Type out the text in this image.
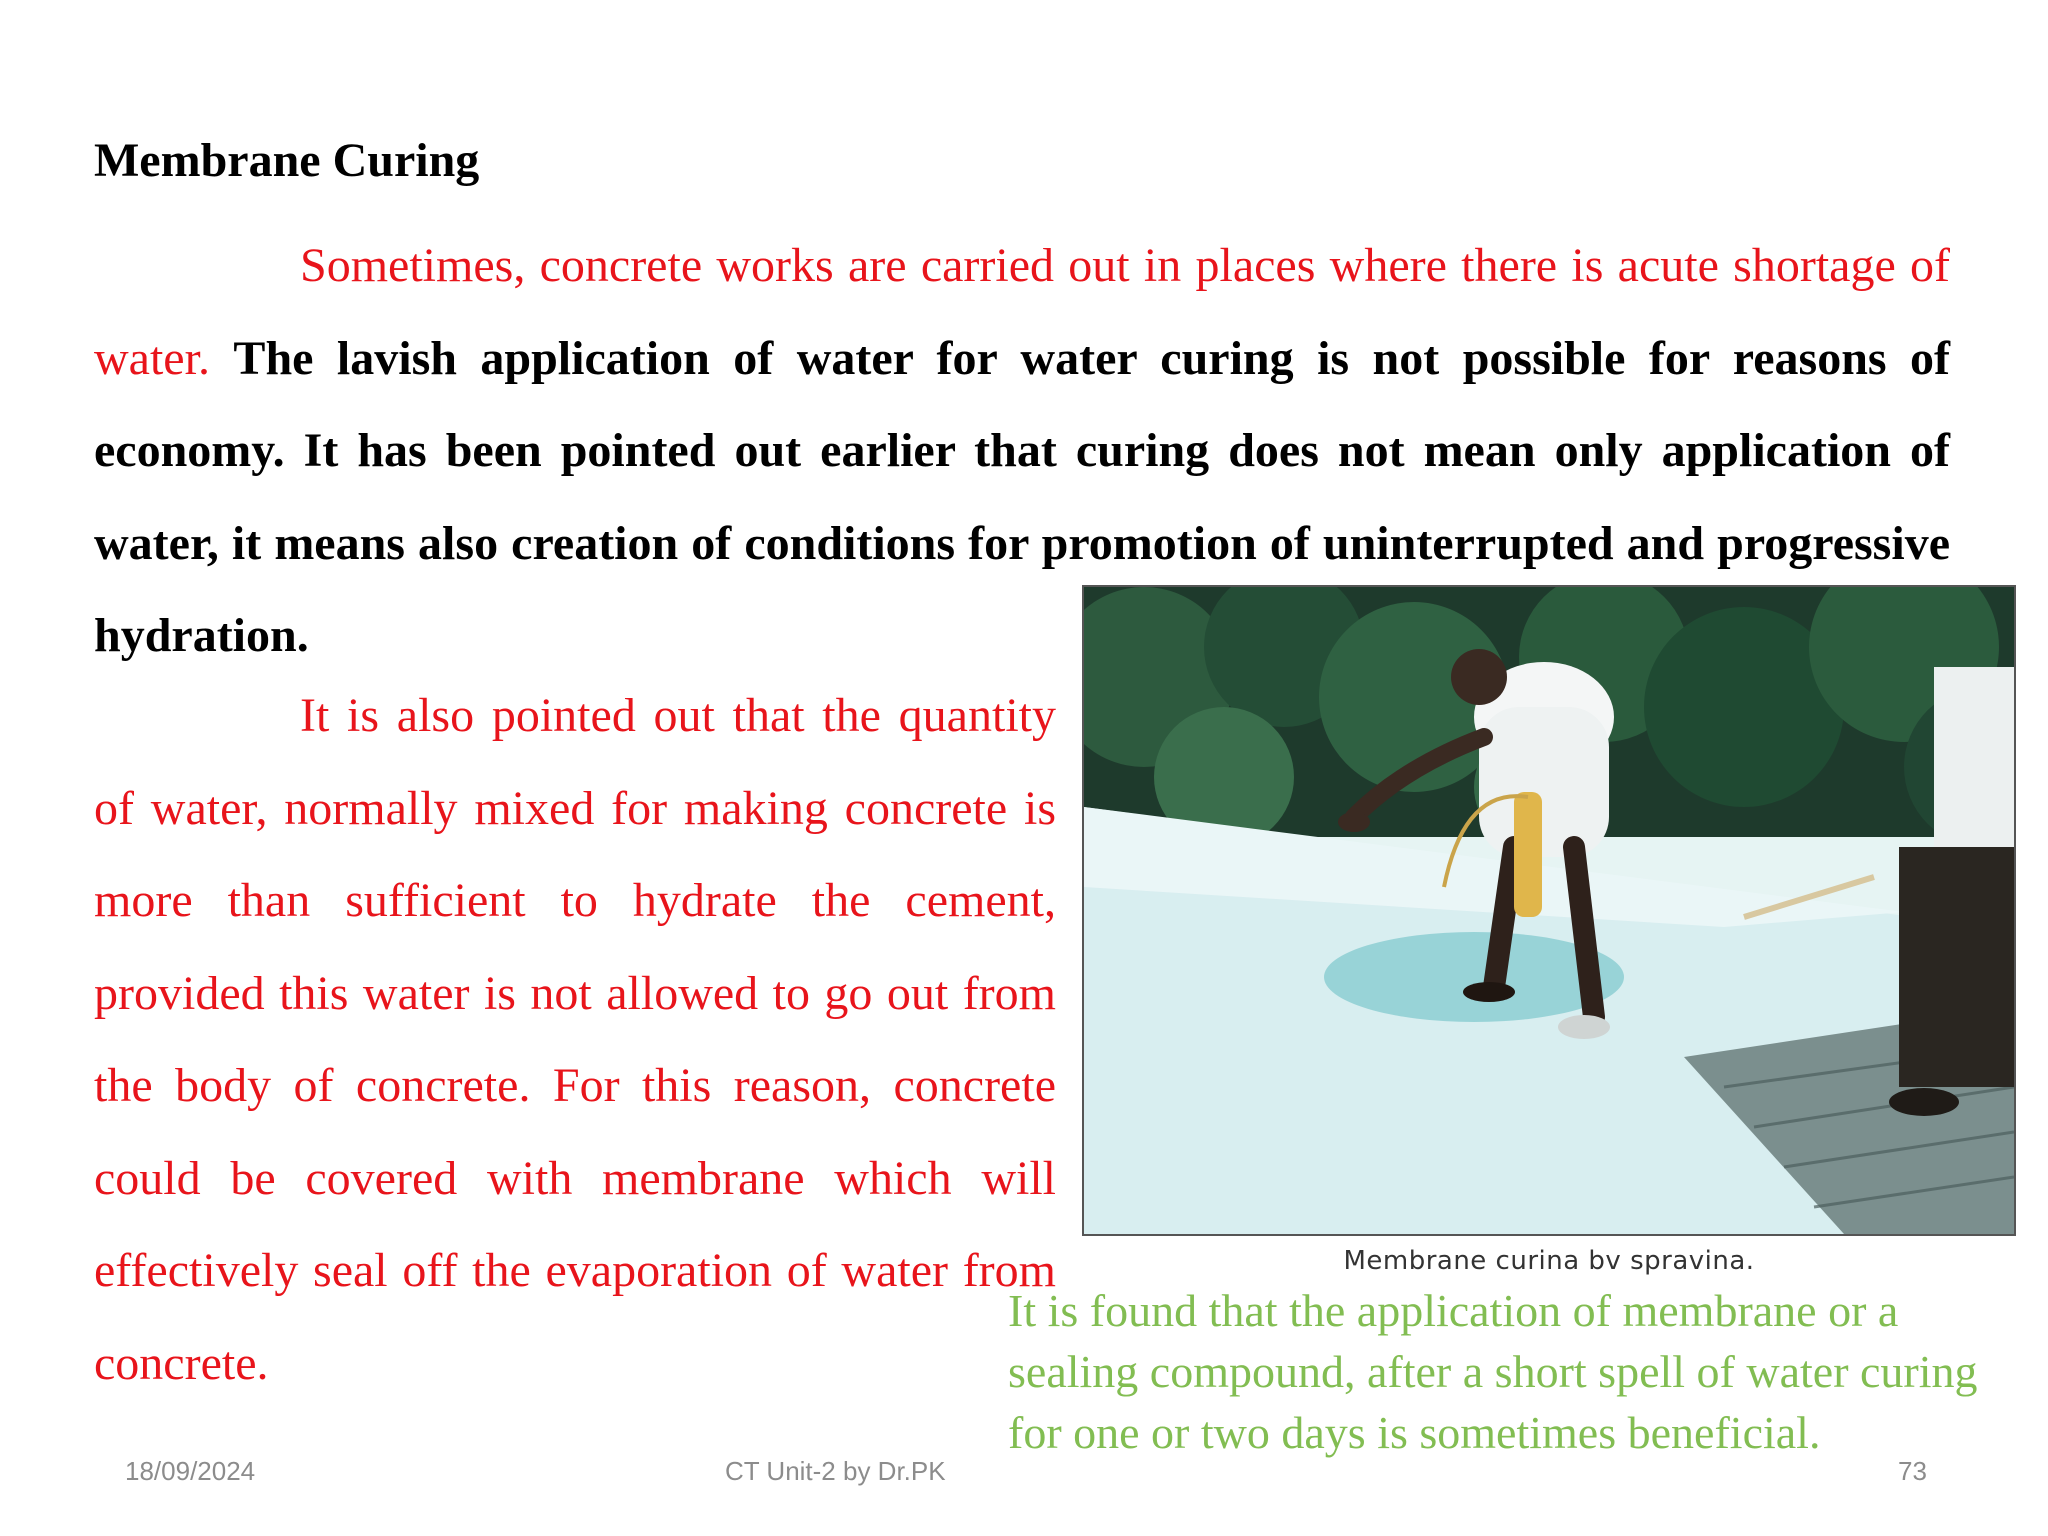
Membrane Curing

Sometimes, concrete works are carried out in places where there is acute shortage of water. The lavish application of water for water curing is not possible for reasons of economy. It has been pointed out earlier that curing does not mean only application of water, it means also creation of conditions for promotion of uninterrupted and progressive hydration.

It is also pointed out that the quantity of water, normally mixed for making concrete is more than sufficient to hydrate the cement, provided this water is not allowed to go out from the body of concrete. For this reason, concrete could be covered with membrane which will effectively seal off the evaporation of water from concrete.

Membrane curina bv spravina.

It is found that the application of membrane or a sealing compound, after a short spell of water curing for one or two days is sometimes beneficial.

18/09/2024	CT Unit-2 by Dr.PK	73
